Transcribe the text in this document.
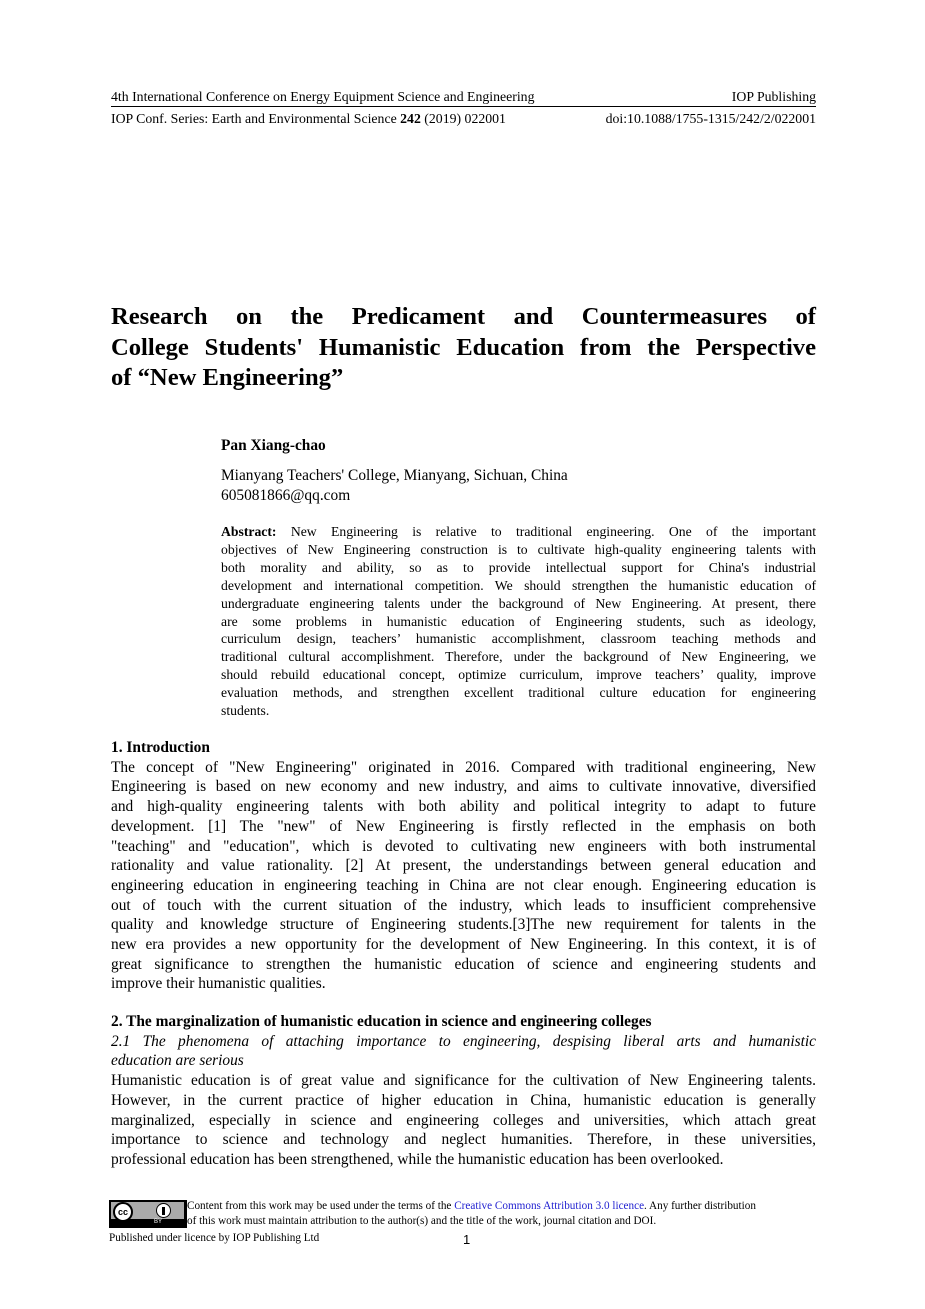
4th International Conference on Energy Equipment Science and Engineering	IOP Publishing
IOP Conf. Series: Earth and Environmental Science 242 (2019) 022001	doi:10.1088/1755-1315/242/2/022001
Research on the Predicament and Countermeasures of
College Students' Humanistic Education from the Perspective
of “New Engineering”
Pan Xiang-chao
Mianyang Teachers' College, Mianyang, Sichuan, China
605081866@qq.com
Abstract: New Engineering is relative to traditional engineering. One of the important
objectives of New Engineering construction is to cultivate high-quality engineering talents with
both morality and ability, so as to provide intellectual support for China's industrial
development and international competition. We should strengthen the humanistic education of
undergraduate engineering talents under the background of New Engineering. At present, there
are some problems in humanistic education of Engineering students, such as ideology,
curriculum design, teachers’ humanistic accomplishment, classroom teaching methods and
traditional cultural accomplishment. Therefore, under the background of New Engineering, we
should rebuild educational concept, optimize curriculum, improve teachers’ quality, improve
evaluation methods, and strengthen excellent traditional culture education for engineering
students.
1. Introduction
The concept of "New Engineering" originated in 2016. Compared with traditional engineering, New
Engineering is based on new economy and new industry, and aims to cultivate innovative, diversified
and high-quality engineering talents with both ability and political integrity to adapt to future
development. [1] The "new" of New Engineering is firstly reflected in the emphasis on both
"teaching" and "education", which is devoted to cultivating new engineers with both instrumental
rationality and value rationality. [2] At present, the understandings between general education and
engineering education in engineering teaching in China are not clear enough. Engineering education is
out of touch with the current situation of the industry, which leads to insufficient comprehensive
quality and knowledge structure of Engineering students.[3]The new requirement for talents in the
new era provides a new opportunity for the development of New Engineering. In this context, it is of
great significance to strengthen the humanistic education of science and engineering students and
improve their humanistic qualities.
2. The marginalization of humanistic education in science and engineering colleges
2.1 The phenomena of attaching importance to engineering, despising liberal arts and humanistic
education are serious
Humanistic education is of great value and significance for the cultivation of New Engineering talents.
However, in the current practice of higher education in China, humanistic education is generally
marginalized, especially in science and engineering colleges and universities, which attach great
importance to science and technology and neglect humanities. Therefore, in these universities,
professional education has been strengthened, while the humanistic education has been overlooked.
cc
BY
Content from this work may be used under the terms of the Creative Commons Attribution 3.0 licence. Any further distribution
of this work must maintain attribution to the author(s) and the title of the work, journal citation and DOI.
Published under licence by IOP Publishing Ltd	1
